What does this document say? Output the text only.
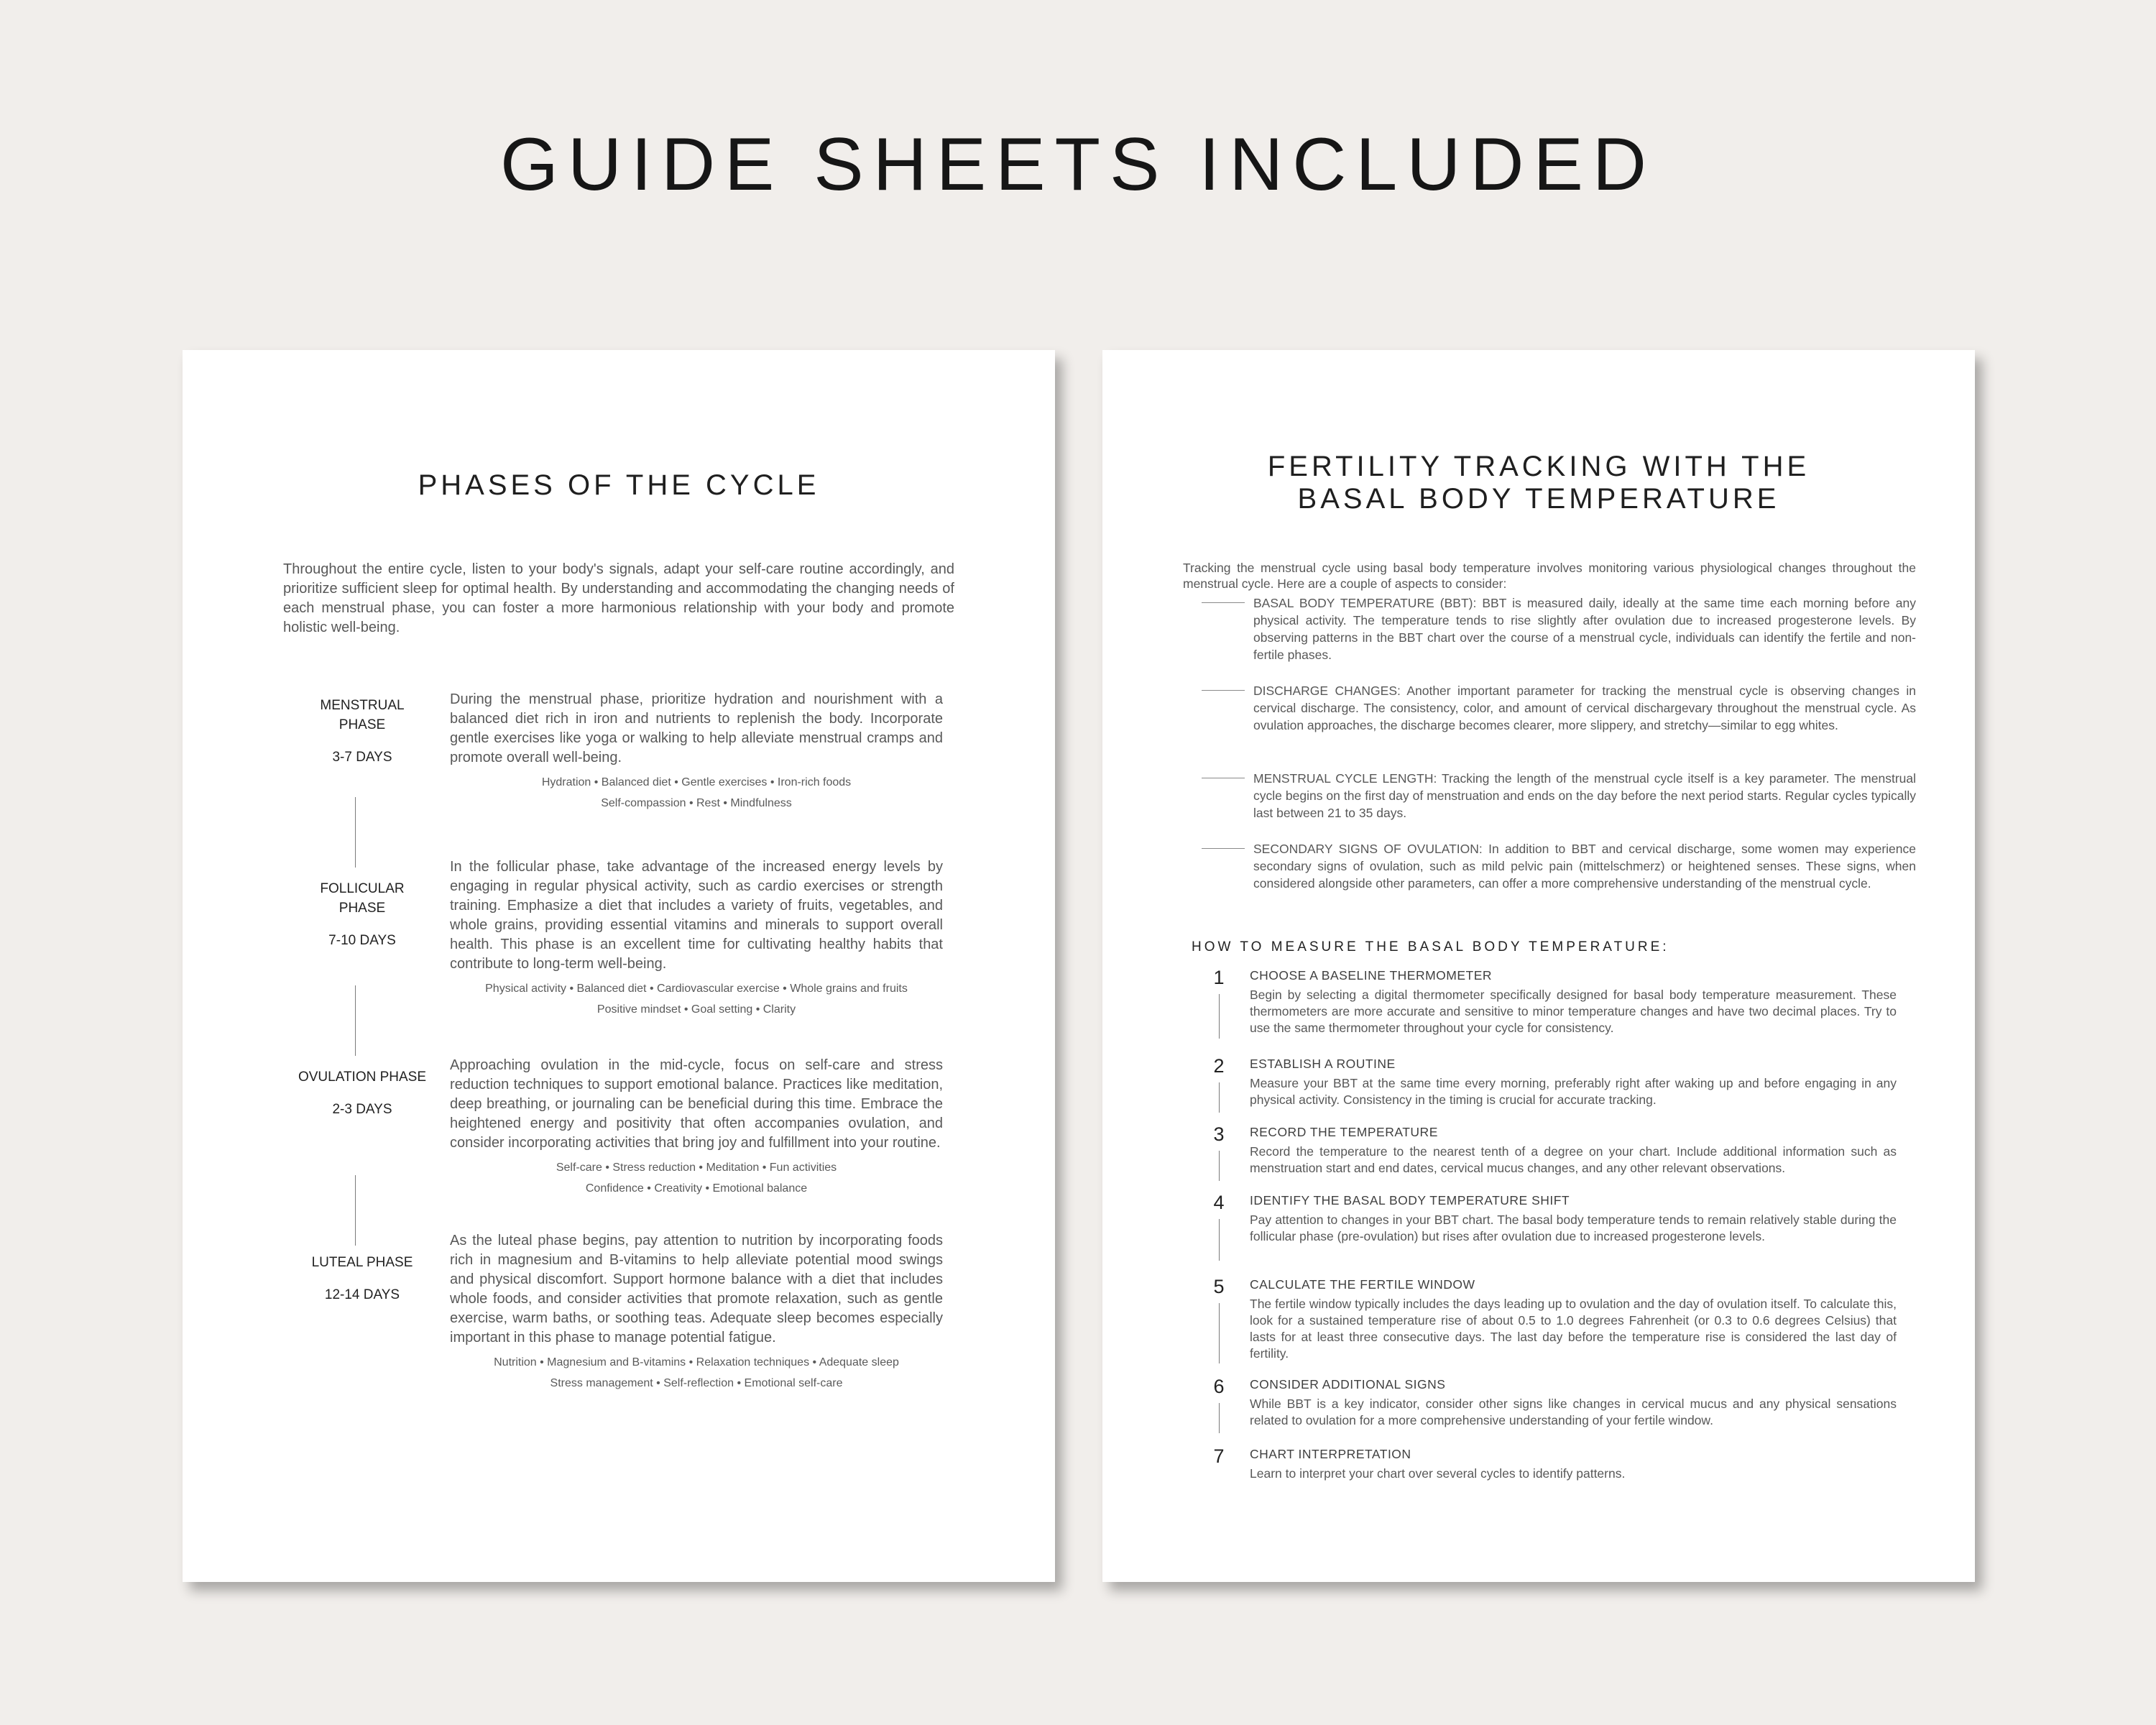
GUIDE SHEETS INCLUDED
PHASES OF THE CYCLE

Throughout the entire cycle, listen to your body's signals, adapt your self-care routine accordingly, and prioritize sufficient sleep for optimal health. By understanding and accommodating the changing needs of each menstrual phase, you can foster a more harmonious relationship with your body and promote holistic well-being.

MENSTRUAL PHASE
3-7 DAYS

During the menstrual phase, prioritize hydration and nourishment with a balanced diet rich in iron and nutrients to replenish the body. Incorporate gentle exercises like yoga or walking to help alleviate menstrual cramps and promote overall well-being.

Hydration • Balanced diet • Gentle exercises • Iron-rich foods
Self-compassion • Rest • Mindfulness
FOLLICULAR PHASE
7-10 DAYS

In the follicular phase, take advantage of the increased energy levels by engaging in regular physical activity, such as cardio exercises or strength training. Emphasize a diet that includes a variety of fruits, vegetables, and whole grains, providing essential vitamins and minerals to support overall health. This phase is an excellent time for cultivating healthy habits that contribute to long-term well-being.

Physical activity • Balanced diet • Cardiovascular exercise • Whole grains and fruits
Positive mindset • Goal setting • Clarity
OVULATION PHASE
2-3 DAYS

Approaching ovulation in the mid-cycle, focus on self-care and stress reduction techniques to support emotional balance. Practices like meditation, deep breathing, or journaling can be beneficial during this time. Embrace the heightened energy and positivity that often accompanies ovulation, and consider incorporating activities that bring joy and fulfillment into your routine.

Self-care • Stress reduction • Meditation • Fun activities
Confidence • Creativity • Emotional balance
LUTEAL PHASE
12-14 DAYS

As the luteal phase begins, pay attention to nutrition by incorporating foods rich in magnesium and B-vitamins to help alleviate potential mood swings and physical discomfort. Support hormone balance with a diet that includes whole foods, and consider activities that promote relaxation, such as gentle exercise, warm baths, or soothing teas. Adequate sleep becomes especially important in this phase to manage potential fatigue.

Nutrition • Magnesium and B-vitamins • Relaxation techniques • Adequate sleep
Stress management • Self-reflection • Emotional self-care
FERTILITY TRACKING WITH THE
BASAL BODY TEMPERATURE

Tracking the menstrual cycle using basal body temperature involves monitoring various physiological changes throughout the menstrual cycle. Here are a couple of aspects to consider:

BASAL BODY TEMPERATURE (BBT): BBT is measured daily, ideally at the same time each morning before any physical activity. The temperature tends to rise slightly after ovulation due to increased progesterone levels. By observing patterns in the BBT chart over the course of a menstrual cycle, individuals can identify the fertile and non-fertile phases.

DISCHARGE CHANGES: Another important parameter for tracking the menstrual cycle is observing changes in cervical discharge. The consistency, color, and amount of cervical dischargevary throughout the menstrual cycle. As ovulation approaches, the discharge becomes clearer, more slippery, and stretchy—similar to egg whites.

MENSTRUAL CYCLE LENGTH: Tracking the length of the menstrual cycle itself is a key parameter. The menstrual cycle begins on the first day of menstruation and ends on the day before the next period starts. Regular cycles typically last between 21 to 35 days.

SECONDARY SIGNS OF OVULATION: In addition to BBT and cervical discharge, some women may experience secondary signs of ovulation, such as mild pelvic pain (mittelschmerz) or heightened senses. These signs, when considered alongside other parameters, can offer a more comprehensive understanding of the menstrual cycle.

HOW TO MEASURE THE BASAL BODY TEMPERATURE:
1	CHOOSE A BASELINE THERMOMETER

Begin by selecting a digital thermometer specifically designed for basal body temperature measurement. These thermometers are more accurate and sensitive to minor temperature changes and have two decimal places. Try to use the same thermometer throughout your cycle for consistency.

2	ESTABLISH A ROUTINE

Measure your BBT at the same time every morning, preferably right after waking up and before engaging in any physical activity. Consistency in the timing is crucial for accurate tracking.

3	RECORD THE TEMPERATURE

Record the temperature to the nearest tenth of a degree on your chart. Include additional information such as menstruation start and end dates, cervical mucus changes, and any other relevant observations.

4	IDENTIFY THE BASAL BODY TEMPERATURE SHIFT

Pay attention to changes in your BBT chart. The basal body temperature tends to remain relatively stable during the follicular phase (pre-ovulation) but rises after ovulation due to increased progesterone levels.

5	CALCULATE THE FERTILE WINDOW

The fertile window typically includes the days leading up to ovulation and the day of ovulation itself. To calculate this, look for a sustained temperature rise of about 0.5 to 1.0 degrees Fahrenheit (or 0.3 to 0.6 degrees Celsius) that lasts for at least three consecutive days. The last day before the temperature rise is considered the last day of fertility.

6	CONSIDER ADDITIONAL SIGNS

While BBT is a key indicator, consider other signs like changes in cervical mucus and any physical sensations related to ovulation for a more comprehensive understanding of your fertile window.

7	CHART INTERPRETATION

Learn to interpret your chart over several cycles to identify patterns.
